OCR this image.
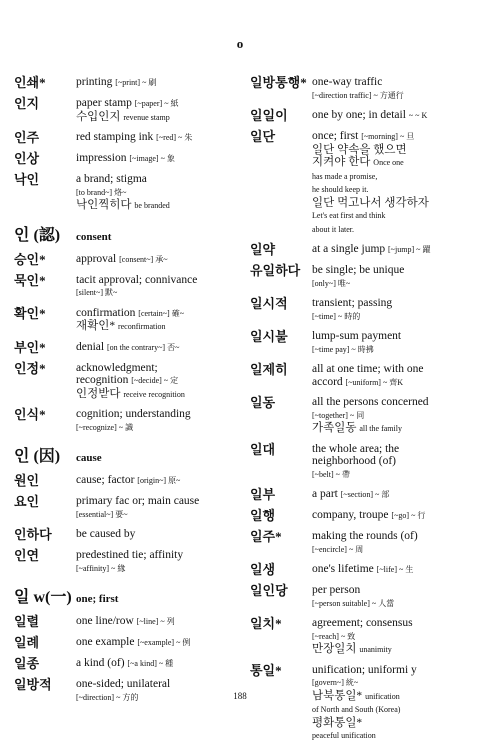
o
인쇄*	printing [~print] ~ 刷
인지	paper stamp [~paper] ~ 紙
수입인지 revenue stamp
인주	red stamping ink [~red] ~ 朱
인상	impression [~image] ~ 象
낙인	a brand; stigma
[to brand~] 烙~
낙인찍히다 be branded
인 (認)	consent
승인*	approval [consent~] 承~
묵인*	tacit approval; connivance
[silent~] 默~
확인*	confirmation [certain~] 確~
재확인* reconfirmation
부인*	denial [on the contrary~] 否~
인정*	acknowledgment;
recognition [~decide] ~ 定
인정받다 receive recognition
인식*	cognition; understanding
[~recognize] ~ 識
인 (因)	cause
원인	cause; factor [origin~] 原~
요인	primary fac or; main cause
[essential~] 要~
인하다	be caused by
인연	predestined tie; affinity
[~affinity] ~ 緣
일 w(一) one; first
일렬	one line/row [~line] ~ 列
일례	one example [~example] ~ 例
일종	a kind (of) [~a kind] ~ 種
일방적	one-sided; unilateral
[~direction] ~ 方的
일방통행* one-way traffic
[~direction traffic] ~ 方通行
일일이	one by one; in detail ~ ~ K
일단	once; first [~morning] ~ 旦
일단 약속을 했으면
지켜야 한다 Once one
has made a promise,
he should keep it.
일단 먹고나서 생각하자
Let's eat first and think
about it later.
일약	at a single jump [~jump] ~ 躍
유일하다	be single; be unique
[only~] 唯~
일시적	transient; passing
[~time] ~ 時的
일시불	lump-sum payment
[~time pay] ~ 時拂
일제히	all at one time; with one
accord [~uniform] ~ 齊K
일동	all the persons concerned
[~together] ~ 同
가족일동 all the family
일대	the whole area; the
neighborhood (of)
[~belt] ~ 帶
일부	a part [~section] ~ 部
일행	company, troupe [~go] ~ 行
일주*	making the rounds (of)
[~encircle] ~ 周
일생	one's lifetime [~life] ~ 生
일인당	per person
[~person suitable] ~ 人當
일치*	agreement; consensus
[~reach] ~ 致
만장일치 unanimity
통일*	unification; uniformi y
[govern~] 統~
남북통일* unification
of North and South (Korea)
평화통일*
peaceful unification
188
